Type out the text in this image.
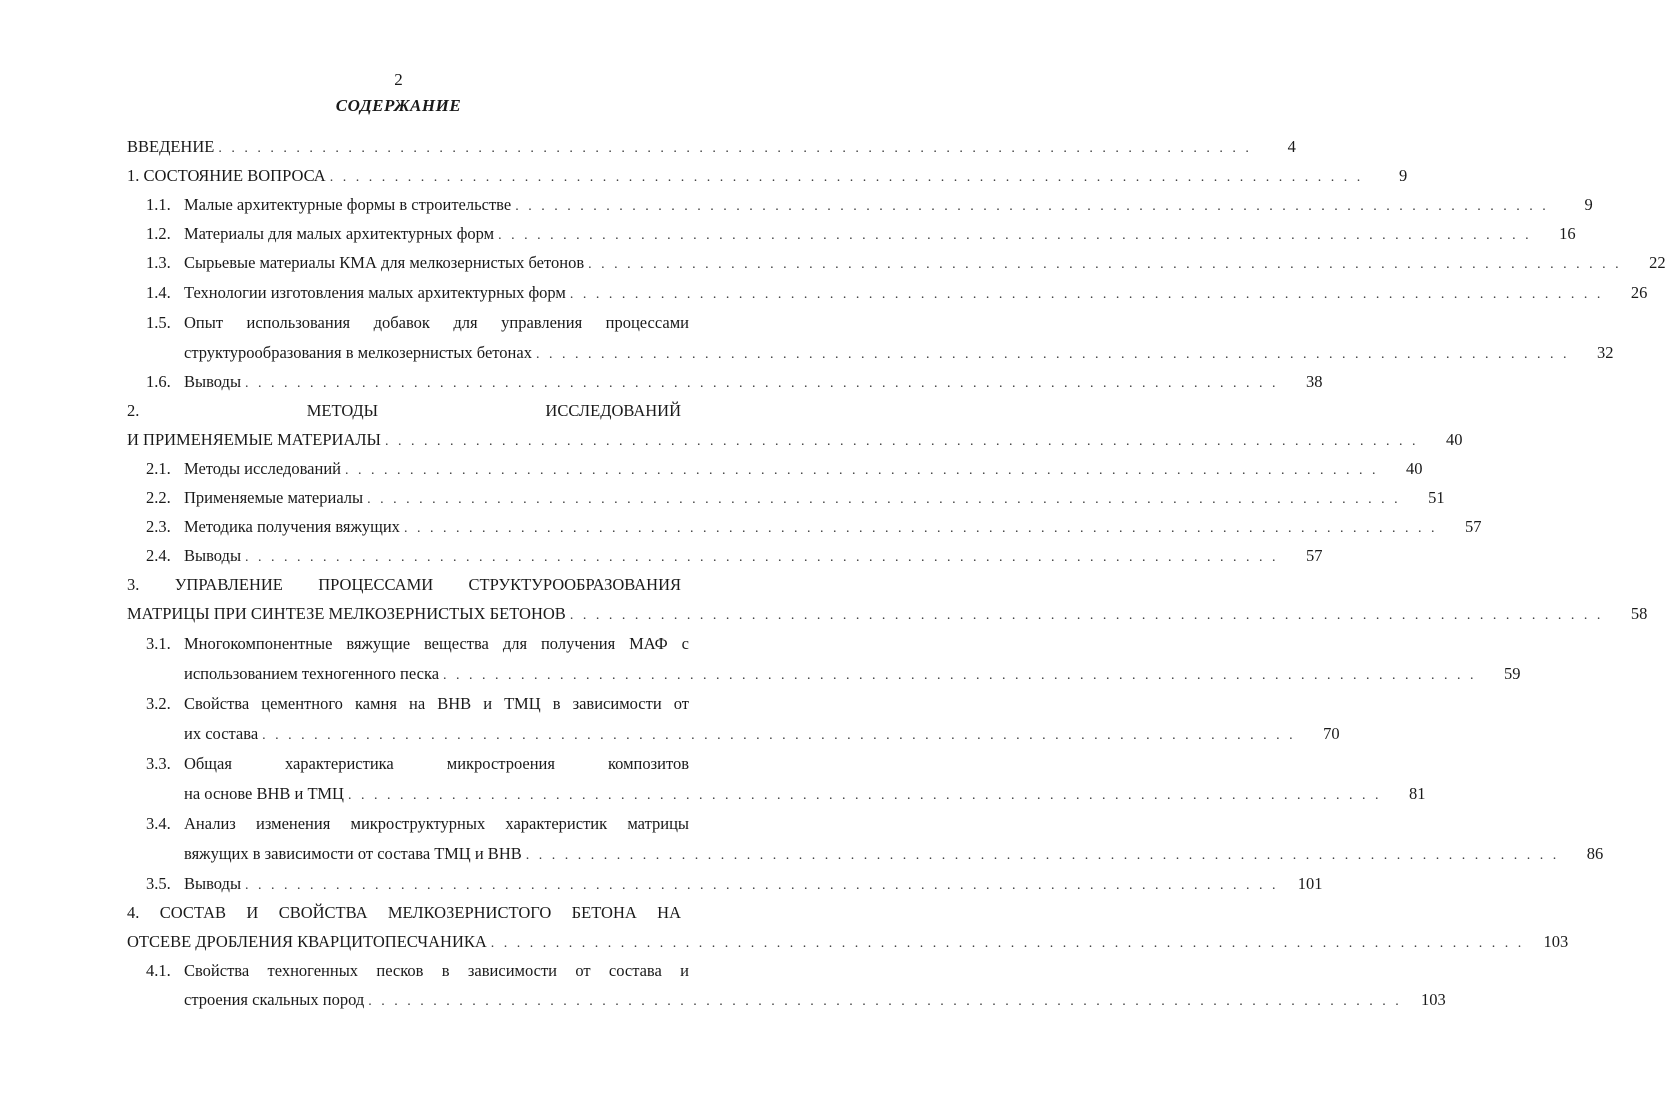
2
СОДЕРЖАНИЕ
ВВЕДЕНИЕ . . . . . . . . . . . . . . . . . . . . . . . . . . . . . . . . . . . . . . . . . . . . . . . . . . . . . . . . . . . . . . . . . . . . . . . . . . . . . . . .	4
1. СОСТОЯНИЕ ВОПРОСА . . . . . . . . . . . . . . . . . . . . . . . . . . . . . . . . . . . . . . . . . . . . . . . . . . . . . . . . . . . . . . . . . . . . . . . . . . . . . . . .	9
1.1. Малые архитектурные формы в строительстве . . . . . . . . . . . . . . . . . . . . . . . . . . . . . . . . . . . . . . . . . . . . . . . . . . . . . . . . . . . . . . . . . . . . . . . . . . . . . . . .	9
1.2. Материалы для малых архитектурных форм . . . . . . . . . . . . . . . . . . . . . . . . . . . . . . . . . . . . . . . . . . . . . . . . . . . . . . . . . . . . . . . . . . . . . . . . . . . . . . . .	16
1.3. Сырьевые материалы КМА для мелкозернистых бетонов . . . . . . . . . . . . . . . . . . . . . . . . . . . . . . . . . . . . . . . . . . . . . . . . . . . . . . . . . . . . . . . . . . . . . . . . . . . . . . . .	22
1.4. Технологии изготовления малых архитектурных форм . . . . . . . . . . . . . . . . . . . . . . . . . . . . . . . . . . . . . . . . . . . . . . . . . . . . . . . . . . . . . . . . . . . . . . . . . . . . . . . .	26
1.5. Опыт использования добавок для управления процессами
структурообразования в мелкозернистых бетонах . . . . . . . . . . . . . . . . . . . . . . . . . . . . . . . . . . . . . . . . . . . . . . . . . . . . . . . . . . . . . . . . . . . . . . . . . . . . . . . .	32
1.6. Выводы . . . . . . . . . . . . . . . . . . . . . . . . . . . . . . . . . . . . . . . . . . . . . . . . . . . . . . . . . . . . . . . . . . . . . . . . . . . . . . . .	38
2. МЕТОДЫ ИССЛЕДОВАНИЙ
И ПРИМЕНЯЕМЫЕ МАТЕРИАЛЫ . . . . . . . . . . . . . . . . . . . . . . . . . . . . . . . . . . . . . . . . . . . . . . . . . . . . . . . . . . . . . . . . . . . . . . . . . . . . . . . .	40
2.1. Методы исследований . . . . . . . . . . . . . . . . . . . . . . . . . . . . . . . . . . . . . . . . . . . . . . . . . . . . . . . . . . . . . . . . . . . . . . . . . . . . . . . .	40
2.2. Применяемые материалы . . . . . . . . . . . . . . . . . . . . . . . . . . . . . . . . . . . . . . . . . . . . . . . . . . . . . . . . . . . . . . . . . . . . . . . . . . . . . . . .	51
2.3. Методика получения вяжущих . . . . . . . . . . . . . . . . . . . . . . . . . . . . . . . . . . . . . . . . . . . . . . . . . . . . . . . . . . . . . . . . . . . . . . . . . . . . . . . .	57
2.4. Выводы . . . . . . . . . . . . . . . . . . . . . . . . . . . . . . . . . . . . . . . . . . . . . . . . . . . . . . . . . . . . . . . . . . . . . . . . . . . . . . . .	57
3. УПРАВЛЕНИЕ ПРОЦЕССАМИ СТРУКТУРООБРАЗОВАНИЯ
МАТРИЦЫ ПРИ СИНТЕЗЕ МЕЛКОЗЕРНИСТЫХ БЕТОНОВ . . . . . . . . . . . . . . . . . . . . . . . . . . . . . . . . . . . . . . . . . . . . . . . . . . . . . . . . . . . . . . . . . . . . . . . . . . . . . . . .	58
3.1. Многокомпонентные вяжущие вещества для получения МАФ с
использованием техногенного песка . . . . . . . . . . . . . . . . . . . . . . . . . . . . . . . . . . . . . . . . . . . . . . . . . . . . . . . . . . . . . . . . . . . . . . . . . . . . . . . .	59
3.2. Свойства цементного камня на ВНВ и ТМЦ в зависимости от
их состава . . . . . . . . . . . . . . . . . . . . . . . . . . . . . . . . . . . . . . . . . . . . . . . . . . . . . . . . . . . . . . . . . . . . . . . . . . . . . . . .	70
3.3. Общая характеристика микростроения композитов
на основе ВНВ и ТМЦ . . . . . . . . . . . . . . . . . . . . . . . . . . . . . . . . . . . . . . . . . . . . . . . . . . . . . . . . . . . . . . . . . . . . . . . . . . . . . . . .	81
3.4. Анализ изменения микроструктурных характеристик матрицы
вяжущих в зависимости от состава ТМЦ и ВНВ . . . . . . . . . . . . . . . . . . . . . . . . . . . . . . . . . . . . . . . . . . . . . . . . . . . . . . . . . . . . . . . . . . . . . . . . . . . . . . . .	86
3.5. Выводы . . . . . . . . . . . . . . . . . . . . . . . . . . . . . . . . . . . . . . . . . . . . . . . . . . . . . . . . . . . . . . . . . . . . . . . . . . . . . . . .	101
4. СОСТАВ И СВОЙСТВА МЕЛКОЗЕРНИСТОГО БЕТОНА НА
ОТСЕВЕ ДРОБЛЕНИЯ КВАРЦИТОПЕСЧАНИКА . . . . . . . . . . . . . . . . . . . . . . . . . . . . . . . . . . . . . . . . . . . . . . . . . . . . . . . . . . . . . . . . . . . . . . . . . . . . . . . .	103
4.1. Свойства техногенных песков в зависимости от состава и
строения скальных пород . . . . . . . . . . . . . . . . . . . . . . . . . . . . . . . . . . . . . . . . . . . . . . . . . . . . . . . . . . . . . . . . . . . . . . . . . . . . . . . .	103
